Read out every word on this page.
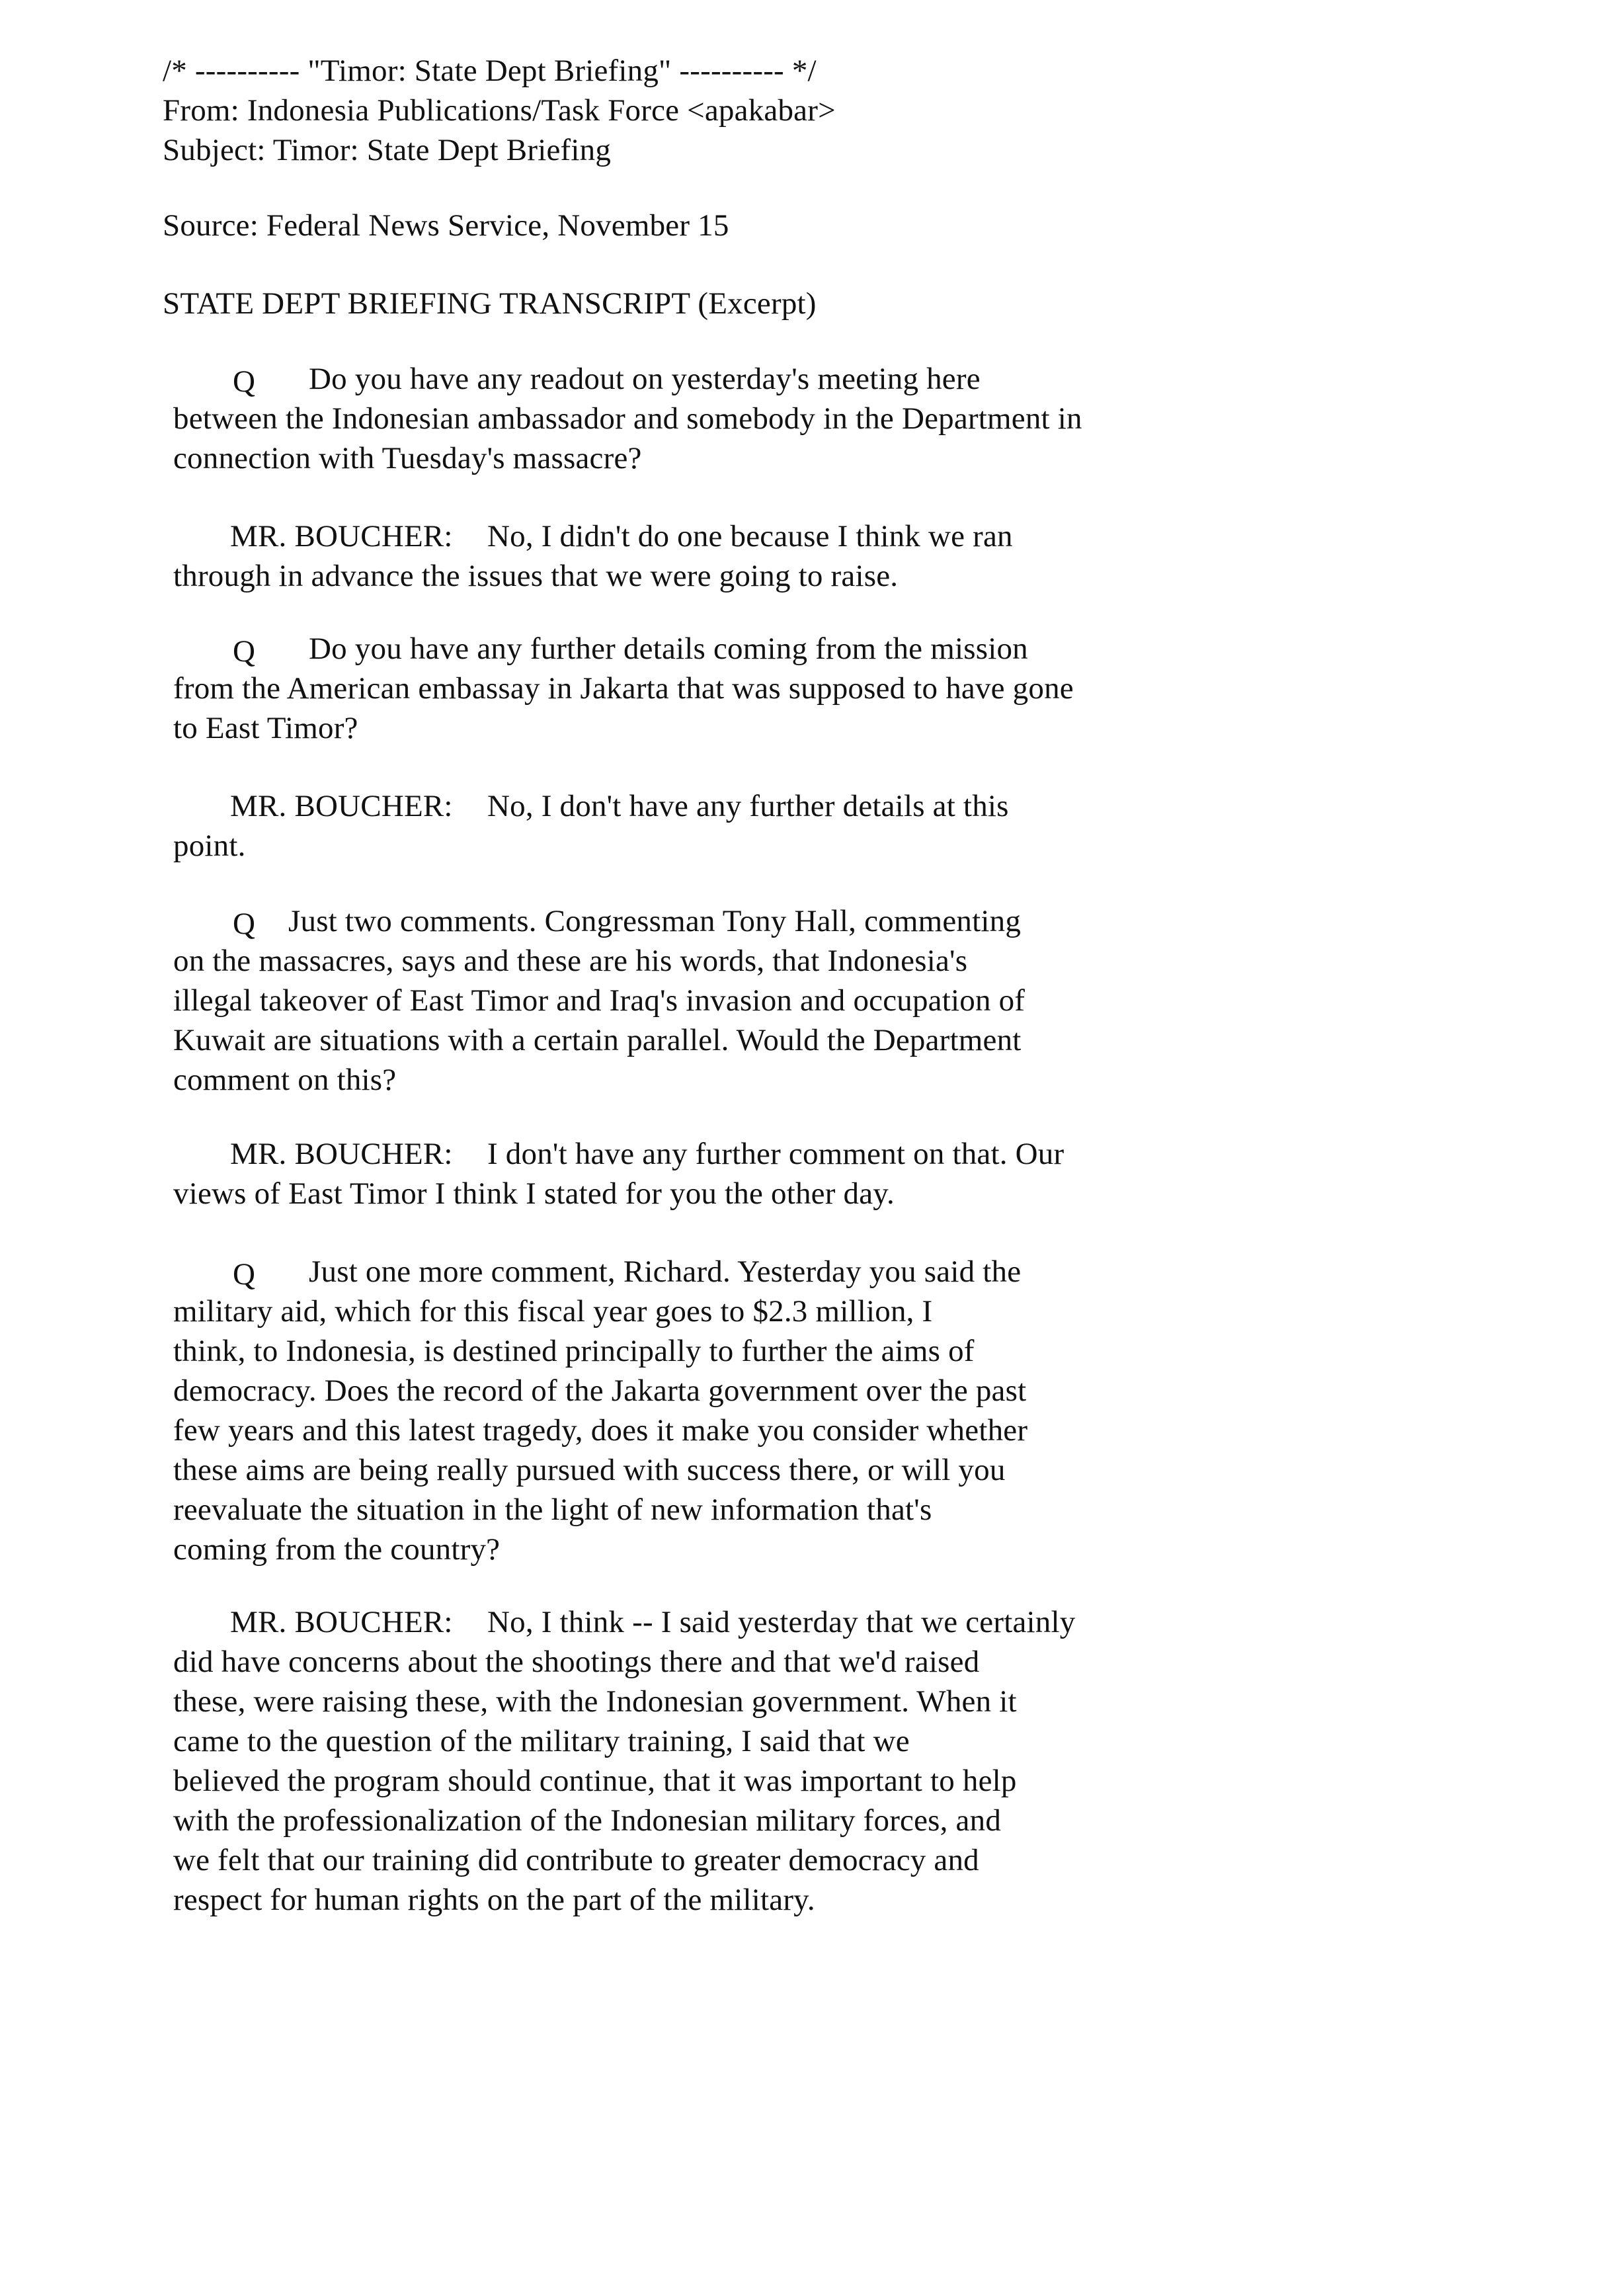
/* ---------- "Timor: State Dept Briefing" ---------- */
From: Indonesia Publications/Task Force <apakabar>
Subject: Timor: State Dept Briefing
Source: Federal News Service, November 15
STATE DEPT BRIEFING TRANSCRIPT (Excerpt)
Q Do you have any readout on yesterday's meeting here
between the Indonesian ambassador and somebody in the Department in
connection with Tuesday's massacre?
MR. BOUCHER: No, I didn't do one because I think we ran
through in advance the issues that we were going to raise.
Q Do you have any further details coming from the mission
from the American embassay in Jakarta that was supposed to have gone
to East Timor?
MR. BOUCHER: No, I don't have any further details at this
point.
Q Just two comments. Congressman Tony Hall, commenting
on the massacres, says and these are his words, that Indonesia's
illegal takeover of East Timor and Iraq's invasion and occupation of
Kuwait are situations with a certain parallel. Would the Department
comment on this?
MR. BOUCHER: I don't have any further comment on that. Our
views of East Timor I think I stated for you the other day.
Q Just one more comment, Richard. Yesterday you said the
military aid, which for this fiscal year goes to $2.3 million, I
think, to Indonesia, is destined principally to further the aims of
democracy. Does the record of the Jakarta government over the past
few years and this latest tragedy, does it make you consider whether
these aims are being really pursued with success there, or will you
reevaluate the situation in the light of new information that's
coming from the country?
MR. BOUCHER: No, I think -- I said yesterday that we certainly
did have concerns about the shootings there and that we'd raised
these, were raising these, with the Indonesian government. When it
came to the question of the military training, I said that we
believed the program should continue, that it was important to help
with the professionalization of the Indonesian military forces, and
we felt that our training did contribute to greater democracy and
respect for human rights on the part of the military.
